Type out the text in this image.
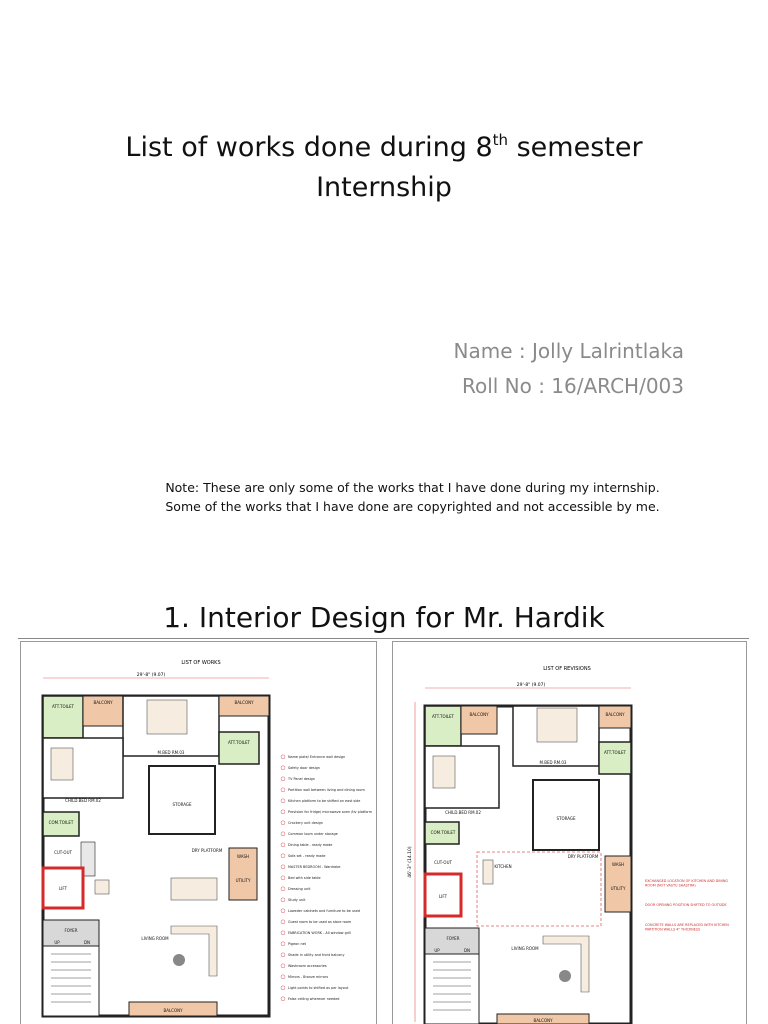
List of works done during 8th semester
Internship
Name : Jolly Lalrintlaka
Roll No : 16/ARCH/003
Note: These are only some of the works that I have done during my internship. Some of the works that I have done are copyrighted and not accessible by me.
1. Interior Design for Mr. Hardik
LIST OF WORKS
29'-8" (9.07)
ATT.TOILET
BALCONY
M.BED RM.03
BALCONY
ATT.TOILET
CHILD.BED RM.02
STORAGE
COM.TOILET
CUT-OUT	DRY PLATFORM
WASH
LIFT
UTILITY
FOYER
UP	DN
LIVING ROOM
BALCONY
Name plate/ Entrance wall design
Safety door design
TV Panel design
Partition wall between living and dining room
Kitchen platform to be shifted on east side
Provision for fridge/ microwave oven /tiv platform
Crockery unit design
Common loom under storage
Dining table - ready made
Sofa set - ready made
MASTER BEDROOM - Wardrobe
Bed with side table
Dressing unit
Study unit
Loweder cabinets and furniture to be used
Guest room to be used as store room
FABRICATION WORK - All window grill
Pigeon net
Shade in utility and front balcony
Washroom accessories
Mirrors - Bronze mirrors
Light points to shifted as per layout
False ceiling wherever needed
LIST OF REVISIONS
29'-8" (9.07)
46'-3" (14.10)
ATT.TOILET	BALCONY	BALCONY
M.BED RM.03
ATT.TOILET
CHILD.BED RM.02
STORAGE
COM.TOILET
CUT-OUT
DRY PLATFORM
WASH
KITCHEN
LIFT
UTILITY
FOYER
UP	DN	LIVING ROOM
BALCONY
EXCHANGED LOCATION OF KITCHEN AND DINING ROOM (NOT VASTU SHASTRA)
DOOR OPENING POSITION SHIFTED TO OUTSIDE
CONCRETE WALLS ARE REPLACED WITH KITCHEN PARTITION WALLS 4" THICKNESS
